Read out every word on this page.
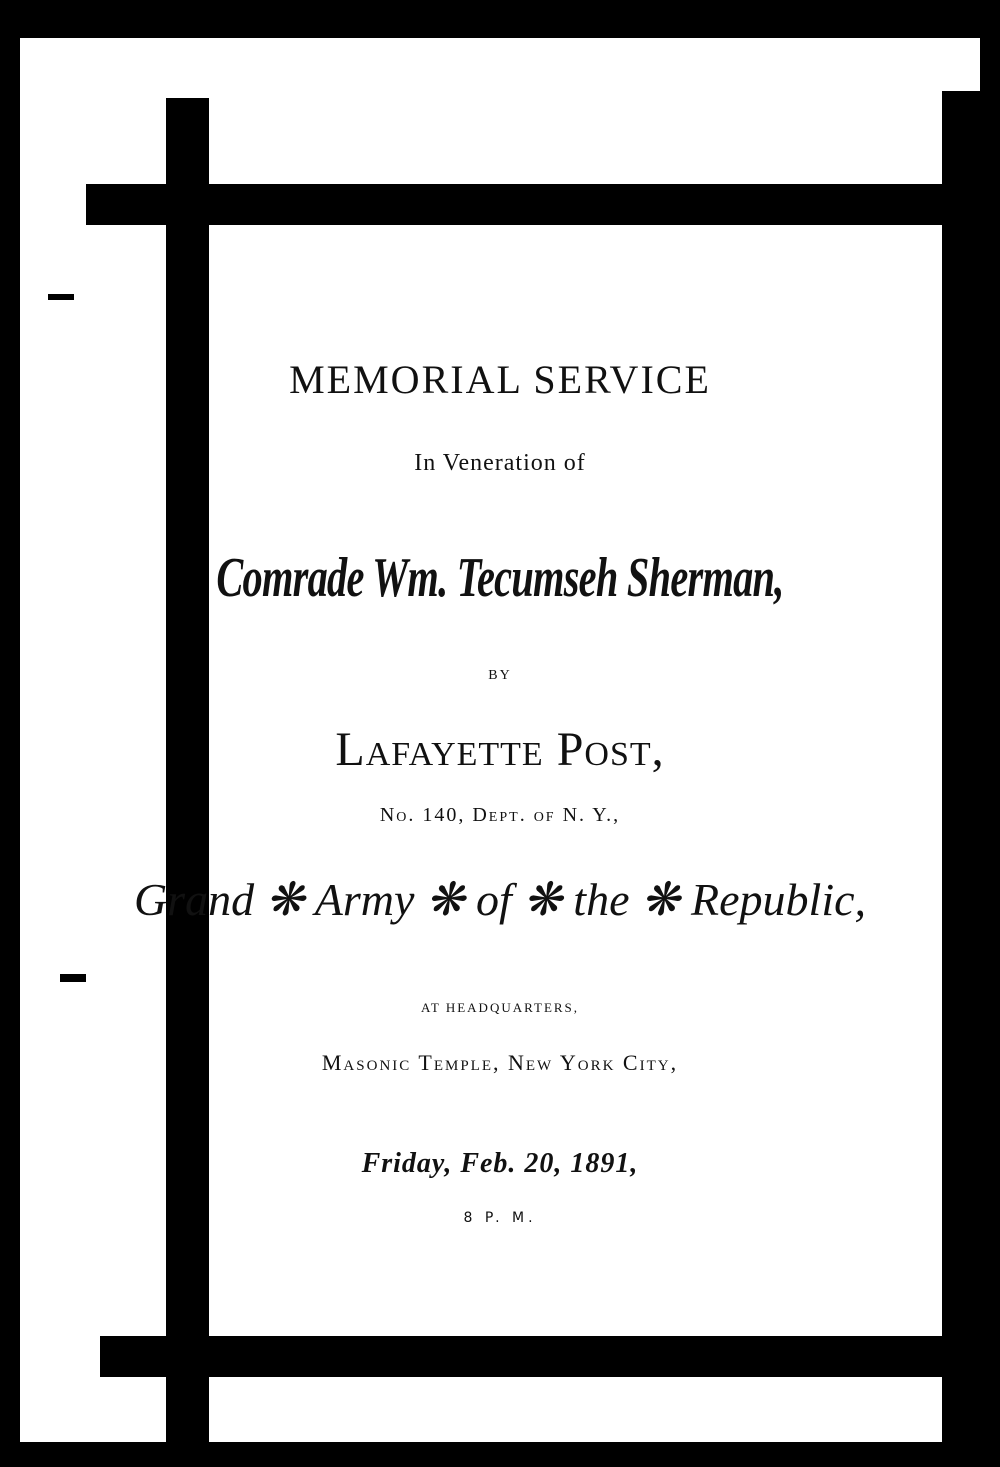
MEMORIAL SERVICE

In Veneration of

Comrade Wm. Tecumseh Sherman,

BY

Lafayette Post,

No. 140, Dept. of N. Y.,

Grand ❋ Army ❋ of ❋ the ❋ Republic,

AT HEADQUARTERS,

Masonic Temple, New York City,

Friday, Feb. 20, 1891,

8 P. M.
